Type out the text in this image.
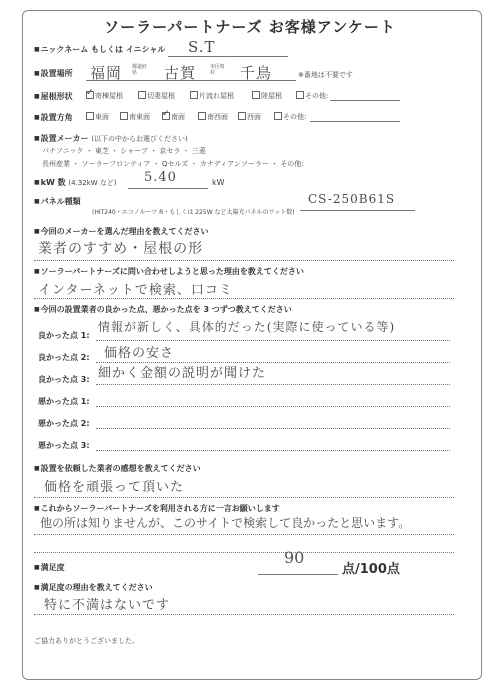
ソーラーパートナーズ お客様アンケート
■ ニックネーム もしくは イニシャル S.T
■ 設置場所 福岡 都道府県	古賀	市区町村	千鳥	※番地は不要です
■ 屋根形状 ✓ 寄棟屋根	切妻屋根	片流れ屋根	陸屋根	その他:
■ 設置方角	東面	南東面 ✓ 南面	南西面	西面	その他:
■ 設置メーカー (以下の中からお選びください)
パナソニック ・ 東芝 ・ シャープ ・ 京セラ ・ 三菱
長州産業 ・ ソーラーフロンティア ・ Qセルズ ・ カナディアンソーラー ・ その他:
■ kW 数 (4.32kW など) 5.40	kW
■ パネル種類
(HIT240・エコノルーツ R・もしくは 225W など太陽光パネルのワット数)
CS-250B61S
■ 今回のメーカーを選んだ理由を教えてください
業者のすすめ・屋根の形
■ ソーラーパートナーズに問い合わせしようと思った理由を教えてください
インターネットで検索、口コミ
■ 今回の設置業者の良かった点、悪かった点を 3 つずつ教えてください
良かった点 1:
情報が新しく、具体的だった(実際に使っている等)
良かった点 2: 価格の安さ
良かった点 3: 細かく金額の説明が聞けた
悪かった点 1:
悪かった点 2:
悪かった点 3:
■ 設置を依頼した業者の感想を教えてください
価格を頑張って頂いた
■ これからソーラーパートナーズを利用される方に一言お願いします
他の所は知りませんが、このサイトで検索して良かったと思います。
■ 満足度
90
点/100点
■ 満足度の理由を教えてください
特に不満はないです
ご協力ありがとうございました。
